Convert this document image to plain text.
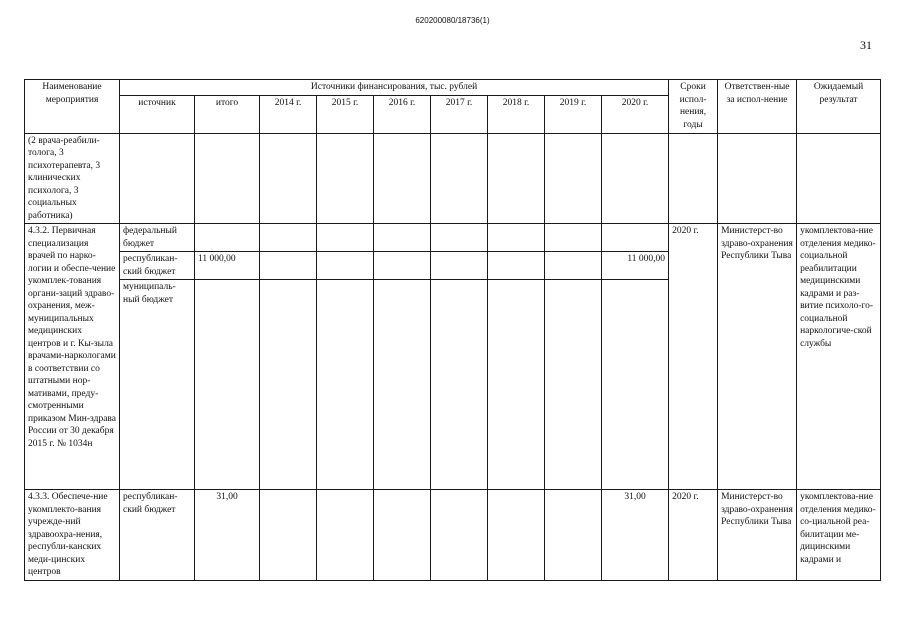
620200080/18736(1)
31
Наименование мероприятия	Источники финансирования, тыс. рублей									Сроки испол-нения, годы	Ответствен-ные за испол-нение	Ожидаемый результат
	источник	итого	2014 г.	2015 г.	2016 г.	2017 г.	2018 г.	2019 г.	2020 г.			
(2 врача-реабили-толога, 3 психотерапевта, 3 клинических психолога, 3 социальных работника)												
4.3.2. Первичная специализация врачей по нарко-логии и обеспе-чение укомплек-тования органи-заций здраво-охранения, меж-муниципальных медицинских центров и г. Кы-зыла врачами-наркологами в соответствии со штатными нор-мативами, преду-смотренными приказом Мин-здрава России от 30 декабря 2015 г. № 1034н	федеральный бюджет									2020 г.	Министерст-во здраво-охранения Республики Тыва	укомплектова-ние отделения медико-социальной реабилитации медицинскими кадрами и раз-витие психоло-го-социальной наркологиче-ской службы
	республикан-ский бюджет	11 000,00							11 000,00			
	муниципаль-ный бюджет											
4.3.3. Обеспече-ние укомплекто-вания учрежде-ний здравоохра-нения, республи-канских меди-цинских центров	республикан-ский бюджет	31,00							31,00	2020 г.	Министерст-во здраво-охранения Республики Тыва	укомплектова-ние отделения медико-со-циальной реа-билитации ме-дицинскими кадрами и
